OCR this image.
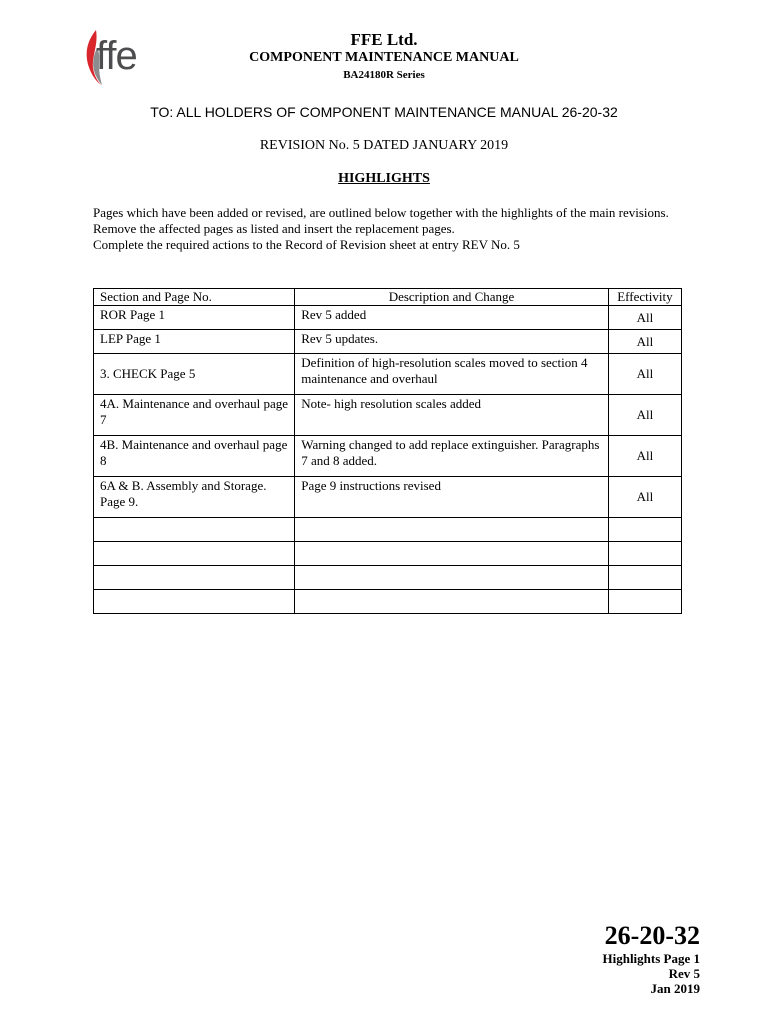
ffe	FFE Ltd.
COMPONENT MAINTENANCE MANUAL
BA24180R Series
TO: ALL HOLDERS OF COMPONENT MAINTENANCE MANUAL 26-20-32
REVISION No. 5 DATED JANUARY 2019
HIGHLIGHTS

Pages which have been added or revised, are outlined below together with the highlights of the main revisions.

Remove the affected pages as listed and insert the replacement pages.

Complete the required actions to the Record of Revision sheet at entry REV No. 5

Section and Page No.	Description and Change	Effectivity
ROR Page 1	Rev 5 added	All
LEP Page 1	Rev 5 updates.	All
3. CHECK Page 5	Definition of high-resolution scales moved to section 4 maintenance and overhaul	All
4A. Maintenance and overhaul page 7	Note- high resolution scales added	All
4B. Maintenance and overhaul page 8	Warning changed to add replace extinguisher. Paragraphs 7 and 8 added.	All
6A & B. Assembly and Storage. Page 9.	Page 9 instructions revised	All

26-20-32
Highlights Page 1
Rev 5
Jan 2019
